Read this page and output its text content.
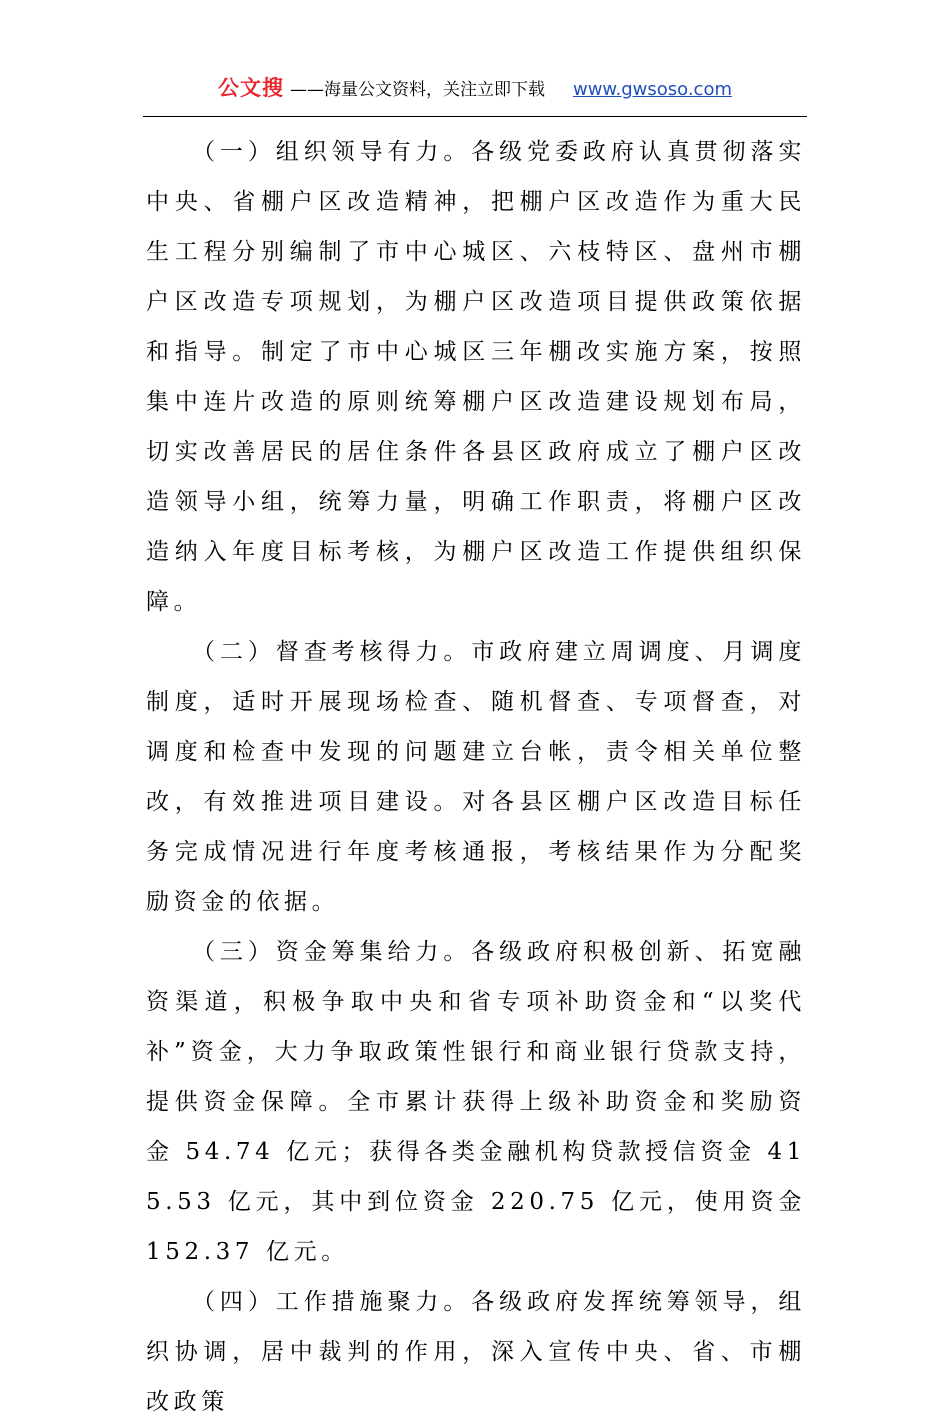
公文搜 ——海量公文资料，关注立即下载 www.gwsoso.com

（一）组织领导有力。各级党委政府认真贯彻落实中央、省棚户区改造精神，把棚户区改造作为重大民生工程分别编制了市中心城区、六枝特区、盘州市棚户区改造专项规划，为棚户区改造项目提供政策依据和指导。制定了市中心城区三年棚改实施方案，按照集中连片改造的原则统筹棚户区改造建设规划布局，切实改善居民的居住条件各县区政府成立了棚户区改造领导小组，统筹力量，明确工作职责，将棚户区改造纳入年度目标考核，为棚户区改造工作提供组织保障。

（二）督查考核得力。市政府建立周调度、月调度制度，适时开展现场检查、随机督查、专项督查，对调度和检查中发现的问题建立台帐，责令相关单位整改，有效推进项目建设。对各县区棚户区改造目标任务完成情况进行年度考核通报，考核结果作为分配奖励资金的依据。

（三）资金筹集给力。各级政府积极创新、拓宽融资渠道，积极争取中央和省专项补助资金和“以奖代补”资金，大力争取政策性银行和商业银行贷款支持，提供资金保障。全市累计获得上级补助资金和奖励资金 54.74 亿元；获得各类金融机构贷款授信资金 415.53 亿元，其中到位资金 220.75 亿元，使用资金 152.37 亿元。

（四）工作措施聚力。各级政府发挥统筹领导，组织协调，居中裁判的作用，深入宣传中央、省、市棚改政策
